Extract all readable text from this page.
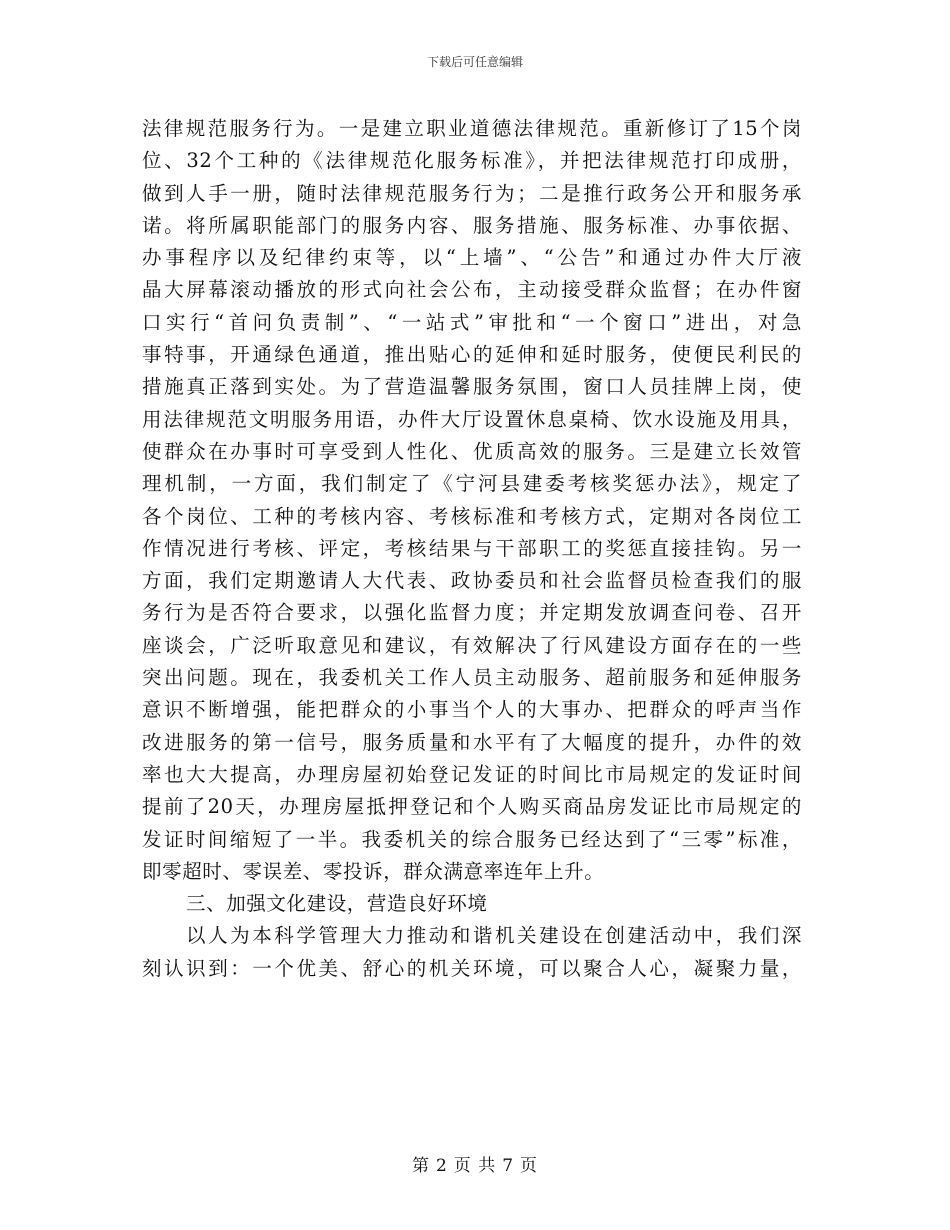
下载后可任意编辑
法律规范服务行为。一是建立职业道德法律规范。重新修订了15个岗
位、32个工种的《法律规范化服务标准》，并把法律规范打印成册，
做到人手一册，随时法律规范服务行为；二是推行政务公开和服务承
诺。将所属职能部门的服务内容、服务措施、服务标准、办事依据、
办事程序以及纪律约束等，以“上墙”、“公告”和通过办件大厅液
晶大屏幕滚动播放的形式向社会公布，主动接受群众监督；在办件窗
口实行“首问负责制”、“一站式”审批和“一个窗口”进出，对急
事特事，开通绿色通道，推出贴心的延伸和延时服务，使便民利民的
措施真正落到实处。为了营造温馨服务氛围，窗口人员挂牌上岗，使
用法律规范文明服务用语，办件大厅设置休息桌椅、饮水设施及用具，
使群众在办事时可享受到人性化、优质高效的服务。三是建立长效管
理机制，一方面，我们制定了《宁河县建委考核奖惩办法》，规定了
各个岗位、工种的考核内容、考核标准和考核方式，定期对各岗位工
作情况进行考核、评定，考核结果与干部职工的奖惩直接挂钩。另一
方面，我们定期邀请人大代表、政协委员和社会监督员检查我们的服
务行为是否符合要求，以强化监督力度；并定期发放调查问卷、召开
座谈会，广泛听取意见和建议，有效解决了行风建设方面存在的一些
突出问题。现在，我委机关工作人员主动服务、超前服务和延伸服务
意识不断增强，能把群众的小事当个人的大事办、把群众的呼声当作
改进服务的第一信号，服务质量和水平有了大幅度的提升，办件的效
率也大大提高，办理房屋初始登记发证的时间比市局规定的发证时间
提前了20天，办理房屋抵押登记和个人购买商品房发证比市局规定的
发证时间缩短了一半。我委机关的综合服务已经达到了“三零”标准，
即零超时、零误差、零投诉，群众满意率连年上升。
三、加强文化建设，营造良好环境
以人为本科学管理大力推动和谐机关建设在创建活动中，我们深
刻认识到：一个优美、舒心的机关环境，可以聚合人心，凝聚力量，
第 2 页 共 7 页
